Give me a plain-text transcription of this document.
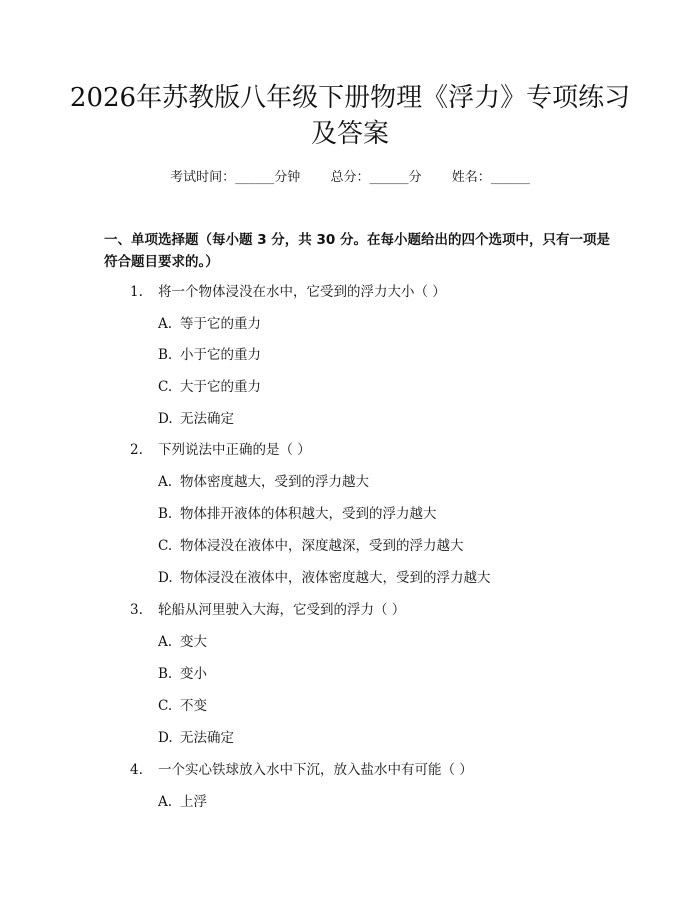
2026年苏教版八年级下册物理《浮力》专项练习及答案
考试时间：______分钟 总分：______分 姓名：______
一、单项选择题（每小题 3 分，共 30 分。在每小题给出的四个选项中，只有一项是符合题目要求的。）
1. 将一个物体浸没在水中，它受到的浮力大小（ ）
A. 等于它的重力
B. 小于它的重力
C. 大于它的重力
D. 无法确定
2. 下列说法中正确的是（ ）
A. 物体密度越大，受到的浮力越大
B. 物体排开液体的体积越大，受到的浮力越大
C. 物体浸没在液体中，深度越深，受到的浮力越大
D. 物体浸没在液体中，液体密度越大，受到的浮力越大
3. 轮船从河里驶入大海，它受到的浮力（ ）
A. 变大
B. 变小
C. 不变
D. 无法确定
4. 一个实心铁球放入水中下沉，放入盐水中有可能（ ）
A. 上浮
